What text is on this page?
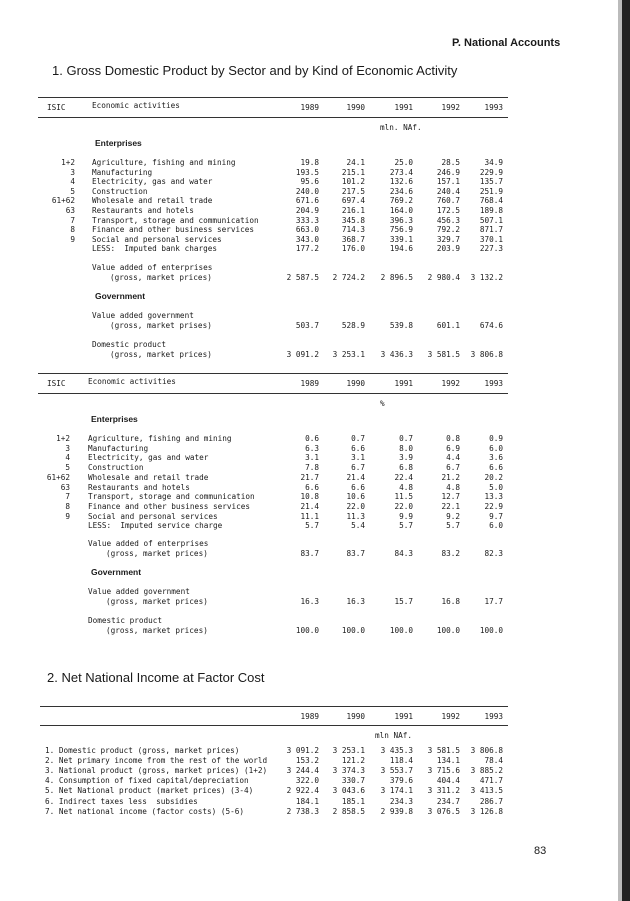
P. National Accounts
1. Gross Domestic Product by Sector and by Kind of Economic Activity
2. Net National Income at Factor Cost
83
ISIC	Economic activities	1989	1990	1991	1992	1993
mln. NAf.
Enterprises
1+2 Agriculture, fishing and mining	19.8	24.1	25.0	28.5	34.9
3 Manufacturing	193.5	215.1	273.4	246.9	229.9
4 Electricity, gas and water	95.6	101.2	132.6	157.1	135.7
5 Construction	240.0	217.5	234.6	240.4	251.9
61+62 Wholesale and retail trade	671.6	697.4	769.2	760.7	768.4
63 Restaurants and hotels	204.9	216.1	164.0	172.5	189.8
7 Transport, storage and communication	333.3	345.8	396.3	456.3	507.1
8 Finance and other business services	663.0	714.3	756.9	792.2	871.7
9 Social and personal services	343.0	368.7	339.1	329.7	370.1
LESS:  Imputed bank charges	177.2	176.0	194.6	203.9	227.3
Value added of enterprises
(gross, market prices)	2 587.5	2 724.2	2 896.5	2 980.4	3 132.2
Value added government
(gross, market prises)	503.7	528.9	539.8	601.1	674.6
Domestic product
(gross, market prices)	3 091.2	3 253.1	3 436.3	3 581.5	3 806.8
Government
ISIC	Economic activities	1989	1990	1991	1992	1993
%
Enterprises
1+2 Agriculture, fishing and mining	0.6	0.7	0.7	0.8	0.9
3 Manufacturing	6.3	6.6	8.0	6.9	6.0
4 Electricity, gas and water	3.1	3.1	3.9	4.4	3.6
5 Construction	7.8	6.7	6.8	6.7	6.6
61+62 Wholesale and retail trade	21.7	21.4	22.4	21.2	20.2
63 Restaurants and hotels	6.6	6.6	4.8	4.8	5.0
7 Transport, storage and communication	10.8	10.6	11.5	12.7	13.3
8 Finance and other business services	21.4	22.0	22.0	22.1	22.9
9 Social and personal services	11.1	11.3	9.9	9.2	9.7
LESS:  Imputed service charge	5.7	5.4	5.7	5.7	6.0
Value added of enterprises
(gross, market prices)	83.7	83.7	84.3	83.2	82.3
Value added government
(gross, market prices)	16.3	16.3	15.7	16.8	17.7
Domestic product
(gross, market prices)	100.0	100.0	100.0	100.0	100.0
Government
1989	1990	1991	1992	1993
mln NAf.
1. Domestic product (gross, market prices)	3 091.2	3 253.1	3 435.3	3 581.5	3 806.8
2. Net primary income from the rest of the world	153.2	121.2	118.4	134.1	78.4
3. National product (gross, market prices) (1+2)	3 244.4	3 374.3	3 553.7	3 715.6	3 885.2
4. Consumption of fixed capital/depreciation	322.0	330.7	379.6	404.4	471.7
5. Net National product (market prices) (3-4)	2 922.4	3 043.6	3 174.1	3 311.2	3 413.5
6. Indirect taxes less  subsidies	184.1	185.1	234.3	234.7	286.7
7. Net national income (factor costs) (5-6)	2 738.3	2 858.5	2 939.8	3 076.5	3 126.8
